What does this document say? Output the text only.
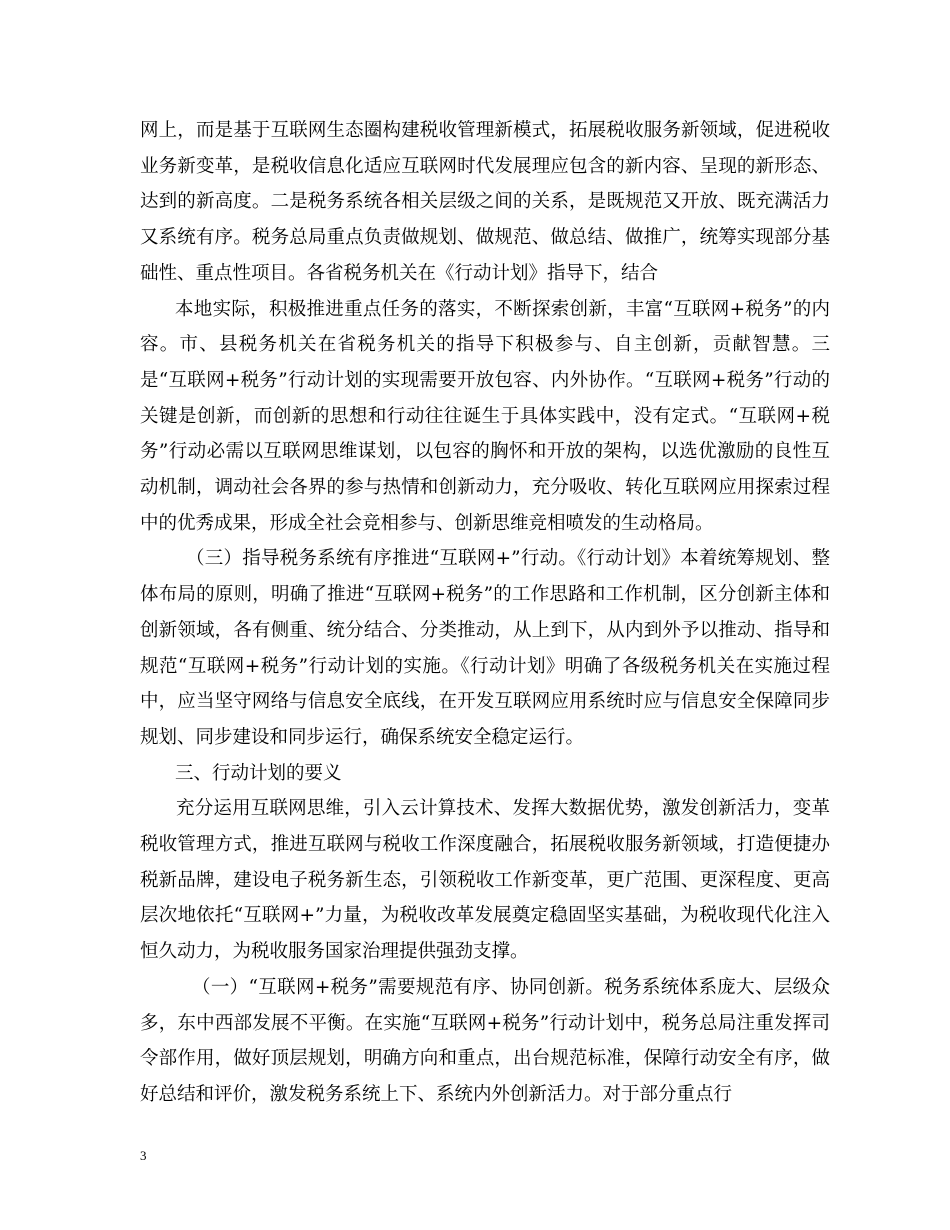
网上，而是基于互联网生态圈构建税收管理新模式，拓展税收服务新领域，促进税收业务新变革，是税收信息化适应互联网时代发展理应包含的新内容、呈现的新形态、达到的新高度。二是税务系统各相关层级之间的关系，是既规范又开放、既充满活力又系统有序。税务总局重点负责做规划、做规范、做总结、做推广，统筹实现部分基础性、重点性项目。各省税务机关在《行动计划》指导下，结合

本地实际，积极推进重点任务的落实，不断探索创新，丰富“互联网+税务”的内容。市、县税务机关在省税务机关的指导下积极参与、自主创新，贡献智慧。三是“互联网+税务”行动计划的实现需要开放包容、内外协作。“互联网+税务”行动的关键是创新，而创新的思想和行动往往诞生于具体实践中，没有定式。“互联网+税务”行动必需以互联网思维谋划，以包容的胸怀和开放的架构，以选优激励的良性互动机制，调动社会各界的参与热情和创新动力，充分吸收、转化互联网应用探索过程中的优秀成果，形成全社会竞相参与、创新思维竞相喷发的生动格局。

（三）指导税务系统有序推进“互联网+”行动。《行动计划》本着统筹规划、整体布局的原则，明确了推进“互联网+税务”的工作思路和工作机制，区分创新主体和创新领域，各有侧重、统分结合、分类推动，从上到下，从内到外予以推动、指导和规范“互联网+税务”行动计划的实施。《行动计划》明确了各级税务机关在实施过程中，应当坚守网络与信息安全底线，在开发互联网应用系统时应与信息安全保障同步规划、同步建设和同步运行，确保系统安全稳定运行。

三、行动计划的要义

充分运用互联网思维，引入云计算技术、发挥大数据优势，激发创新活力，变革税收管理方式，推进互联网与税收工作深度融合，拓展税收服务新领域，打造便捷办税新品牌，建设电子税务新生态，引领税收工作新变革，更广范围、更深程度、更高层次地依托“互联网+”力量，为税收改革发展奠定稳固坚实基础，为税收现代化注入恒久动力，为税收服务国家治理提供强劲支撑。

（一）“互联网+税务”需要规范有序、协同创新。税务系统体系庞大、层级众多，东中西部发展不平衡。在实施“互联网+税务”行动计划中，税务总局注重发挥司令部作用，做好顶层规划，明确方向和重点，出台规范标准，保障行动安全有序，做好总结和评价，激发税务系统上下、系统内外创新活力。对于部分重点行

3
